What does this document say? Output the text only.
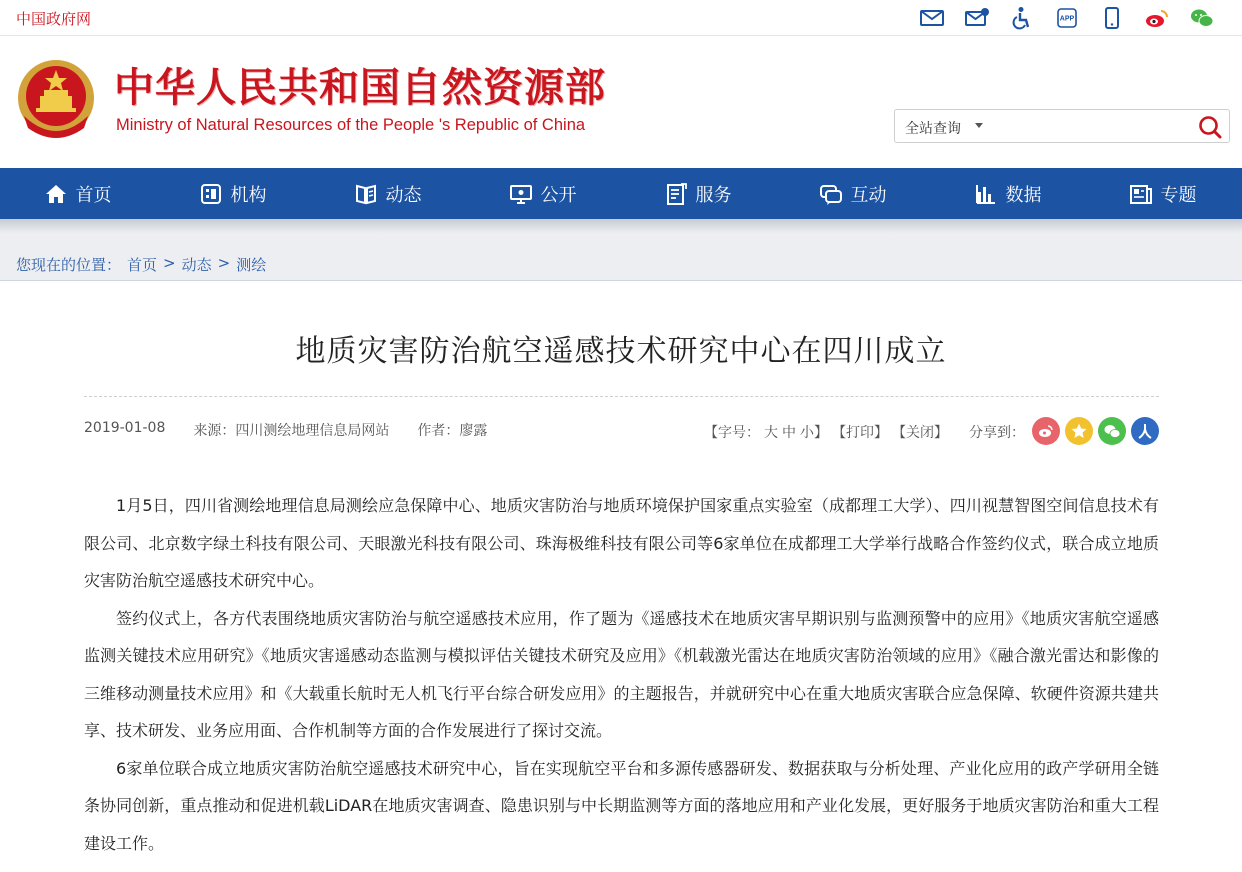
中国政府网	APP
中华人民共和国自然资源部
Ministry of Natural Resources of the People 's Republic of China	全站查询
首页	机构	动态	公开	服务	互动	数据	专题
您现在的位置： 首页 > 动态 > 测绘
地质灾害防治航空遥感技术研究中心在四川成立
2019-01-08 来源：四川测绘地理信息局网站 作者：廖露	【字号： 大 中 小】 【打印】 【关闭】 分享到：

1月5日，四川省测绘地理信息局测绘应急保障中心、地质灾害防治与地质环境保护国家重点实验室（成都理工大学）、四川视慧智图空间信息技术有限公司、北京数字绿土科技有限公司、天眼激光科技有限公司、珠海极维科技有限公司等6家单位在成都理工大学举行战略合作签约仪式，联合成立地质灾害防治航空遥感技术研究中心。

签约仪式上，各方代表围绕地质灾害防治与航空遥感技术应用，作了题为《遥感技术在地质灾害早期识别与监测预警中的应用》《地质灾害航空遥感监测关键技术应用研究》《地质灾害遥感动态监测与模拟评估关键技术研究及应用》《机载激光雷达在地质灾害防治领域的应用》《融合激光雷达和影像的三维移动测量技术应用》和《大载重长航时无人机飞行平台综合研发应用》的主题报告，并就研究中心在重大地质灾害联合应急保障、软硬件资源共建共享、技术研发、业务应用面、合作机制等方面的合作发展进行了探讨交流。

6家单位联合成立地质灾害防治航空遥感技术研究中心，旨在实现航空平台和多源传感器研发、数据获取与分析处理、产业化应用的政产学研用全链条协同创新，重点推动和促进机载LiDAR在地质灾害调查、隐患识别与中长期监测等方面的落地应用和产业化发展，更好服务于地质灾害防治和重大工程建设工作。
